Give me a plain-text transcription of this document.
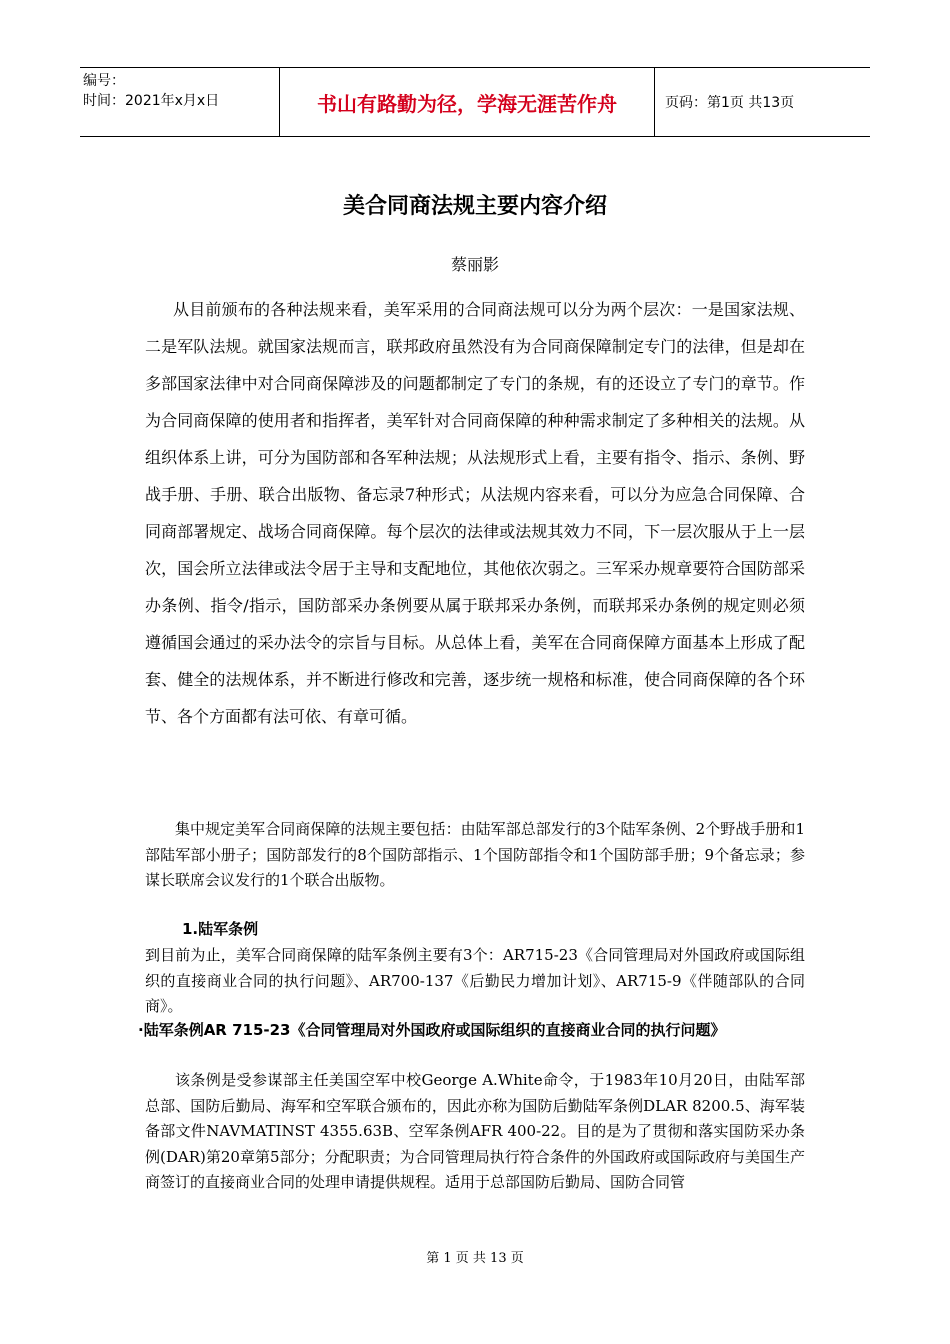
编号：
时间：2021年x月x日	书山有路勤为径，学海无涯苦作舟	页码：第1页 共13页
美合同商法规主要内容介绍
蔡丽影

从目前颁布的各种法规来看，美军采用的合同商法规可以分为两个层次：一是国家法规、二是军队法规。就国家法规而言，联邦政府虽然没有为合同商保障制定专门的法律，但是却在多部国家法律中对合同商保障涉及的问题都制定了专门的条规，有的还设立了专门的章节。作为合同商保障的使用者和指挥者，美军针对合同商保障的种种需求制定了多种相关的法规。从组织体系上讲，可分为国防部和各军种法规；从法规形式上看，主要有指令、指示、条例、野战手册、手册、联合出版物、备忘录7种形式；从法规内容来看，可以分为应急合同保障、合同商部署规定、战场合同商保障。每个层次的法律或法规其效力不同，下一层次服从于上一层次，国会所立法律或法令居于主导和支配地位，其他依次弱之。三军采办规章要符合国防部采办条例、指令/指示，国防部采办条例要从属于联邦采办条例，而联邦采办条例的规定则必须遵循国会通过的采办法令的宗旨与目标。从总体上看，美军在合同商保障方面基本上形成了配套、健全的法规体系，并不断进行修改和完善，逐步统一规格和标准，使合同商保障的各个环节、各个方面都有法可依、有章可循。

集中规定美军合同商保障的法规主要包括：由陆军部总部发行的3个陆军条例、2个野战手册和1部陆军部小册子；国防部发行的8个国防部指示、1个国防部指令和1个国防部手册；9个备忘录；参谋长联席会议发行的1个联合出版物。

1.陆军条例

到目前为止，美军合同商保障的陆军条例主要有3个：AR715-23《合同管理局对外国政府或国际组织的直接商业合同的执行问题》、AR700-137《后勤民力增加计划》、AR715-9《伴随部队的合同商》。

·陆军条例AR 715-23《合同管理局对外国政府或国际组织的直接商业合同的执行问题》

该条例是受参谋部主任美国空军中校George A.White命令，于1983年10月20日，由陆军部总部、国防后勤局、海军和空军联合颁布的，因此亦称为国防后勤陆军条例DLAR 8200.5、海军装备部文件NAVMATINST 4355.63B、空军条例AFR 400-22。目的是为了贯彻和落实国防采办条例(DAR)第20章第5部分；分配职责；为合同管理局执行符合条件的外国政府或国际政府与美国生产商签订的直接商业合同的处理申请提供规程。适用于总部国防后勤局、国防合同管

第 1 页 共 13 页
